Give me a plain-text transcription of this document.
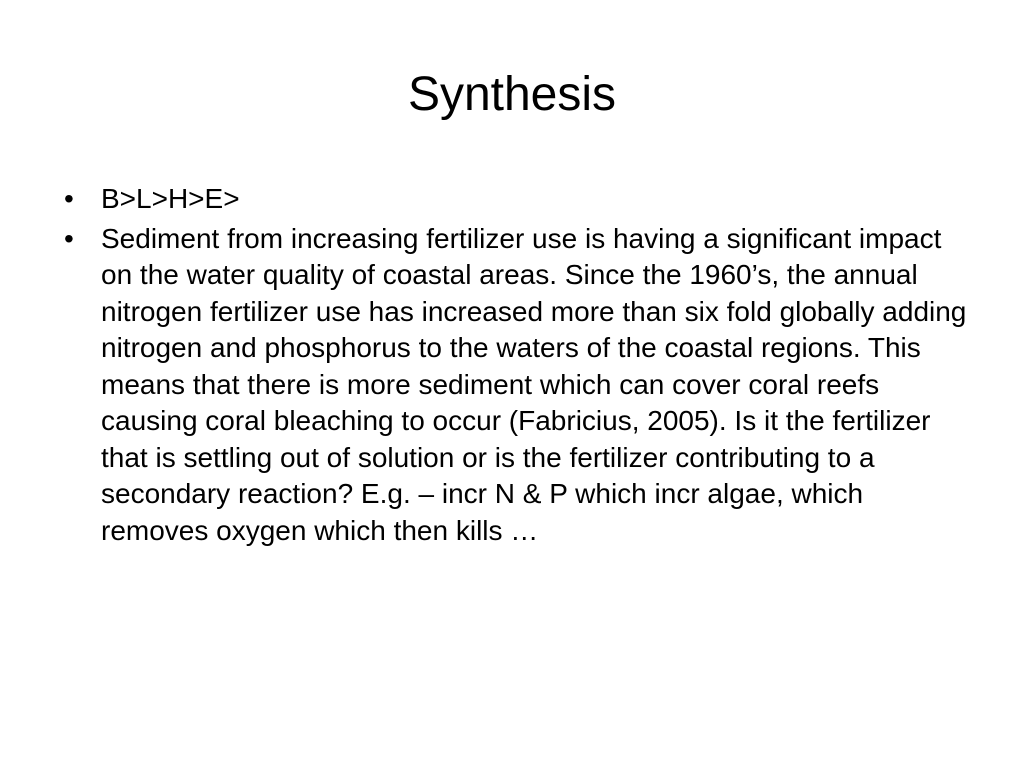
Synthesis
• B>L>H>E>
• Sediment from increasing fertilizer use is having a significant impact on the water quality of coastal areas. Since the 1960’s, the annual nitrogen fertilizer use has increased more than six fold globally adding nitrogen and phosphorus to the waters of the coastal regions. This means that there is more sediment which can cover coral reefs causing coral bleaching to occur (Fabricius, 2005). Is it the fertilizer that is settling out of solution or is the fertilizer contributing to a secondary reaction? E.g. – incr N & P which incr algae, which removes oxygen which then kills …
